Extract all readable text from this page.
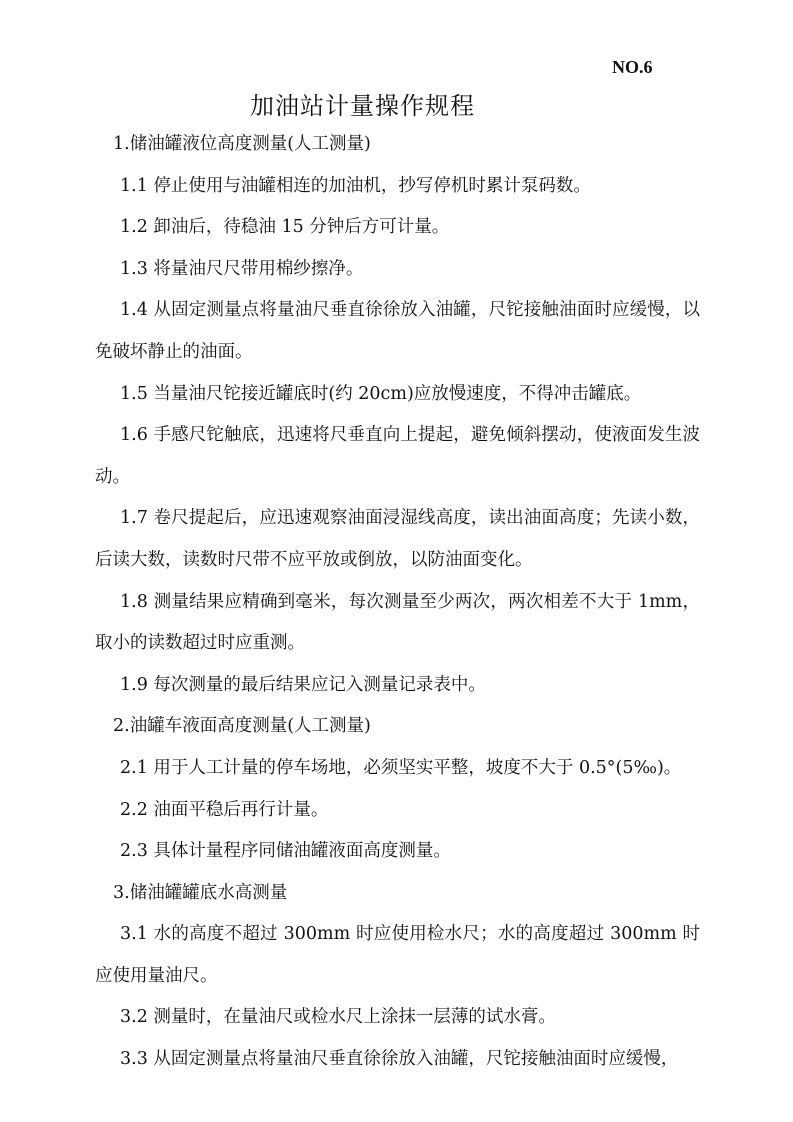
NO.6
加油站计量操作规程

1.储油罐液位高度测量(人工测量)

1.1 停止使用与油罐相连的加油机，抄写停机时累计泵码数。

1.2 卸油后，待稳油 15 分钟后方可计量。

1.3 将量油尺尺带用棉纱擦净。

1.4 从固定测量点将量油尺垂直徐徐放入油罐，尺铊接触油面时应缓慢，以免破坏静止的油面。

1.5 当量油尺铊接近罐底时(约 20cm)应放慢速度，不得冲击罐底。

1.6 手感尺铊触底，迅速将尺垂直向上提起，避免倾斜摆动，使液面发生波动。

1.7 卷尺提起后，应迅速观察油面浸湿线高度，读出油面高度；先读小数，后读大数，读数时尺带不应平放或倒放，以防油面变化。

1.8 测量结果应精确到毫米，每次测量至少两次，两次相差不大于 1mm，取小的读数超过时应重测。

1.9 每次测量的最后结果应记入测量记录表中。

2.油罐车液面高度测量(人工测量)

2.1 用于人工计量的停车场地，必须坚实平整，坡度不大于 0.5°(5‰)。

2.2 油面平稳后再行计量。

2.3 具体计量程序同储油罐液面高度测量。

3.储油罐罐底水高测量

3.1 水的高度不超过 300mm 时应使用检水尺；水的高度超过 300mm 时应使用量油尺。

3.2 测量时，在量油尺或检水尺上涂抹一层薄的试水膏。

3.3 从固定测量点将量油尺垂直徐徐放入油罐，尺铊接触油面时应缓慢，
